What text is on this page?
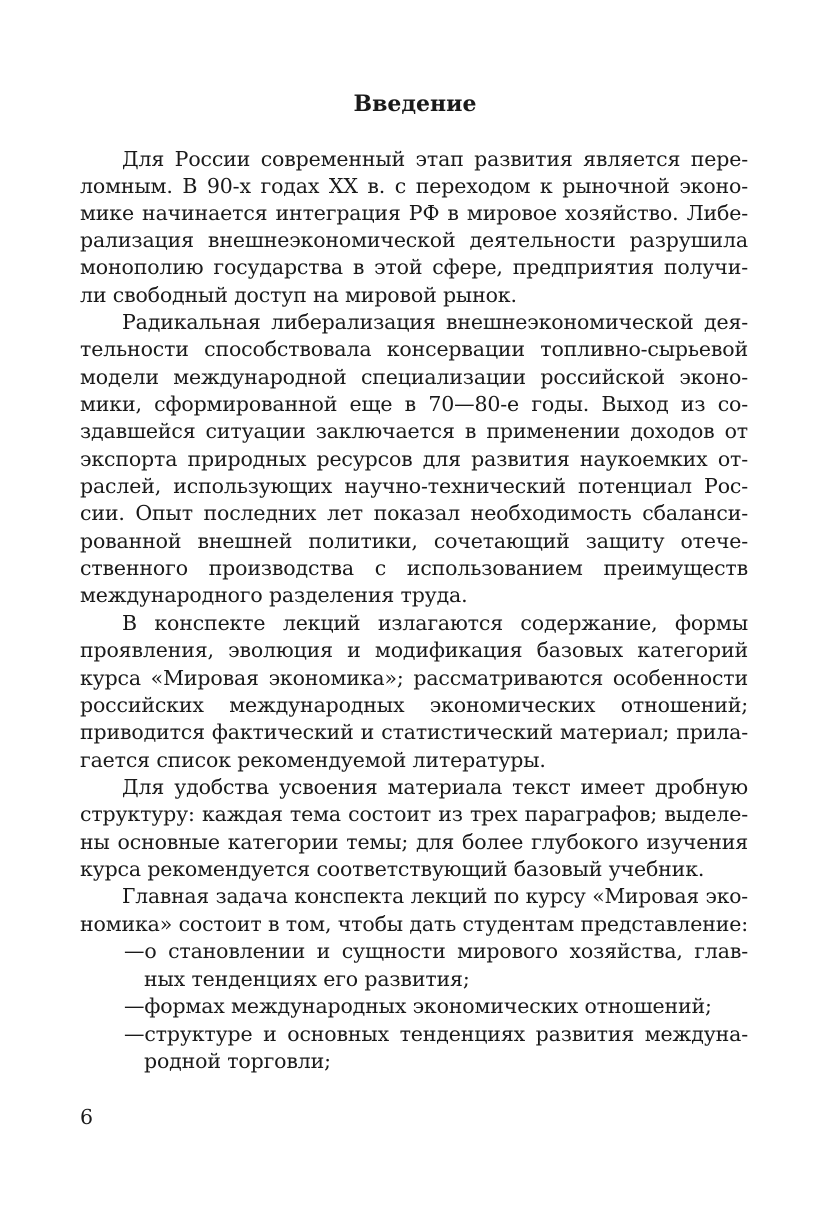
Введение
Для России современный этап развития является пере-
ломным. В 90-х годах XX в. с переходом к рыночной эконо-
мике начинается интеграция РФ в мировое хозяйство. Либе-
рализация внешнеэкономической деятельности разрушила
монополию государства в этой сфере, предприятия получи-
ли свободный доступ на мировой рынок.
Радикальная либерализация внешнеэкономической дея-
тельности способствовала консервации топливно-сырьевой
модели международной специализации российской эконо-
мики, сформированной еще в 70—80-е годы. Выход из со-
здавшейся ситуации заключается в применении доходов от
экспорта природных ресурсов для развития наукоемких от-
раслей, использующих научно-технический потенциал Рос-
сии. Опыт последних лет показал необходимость сбаланси-
рованной внешней политики, сочетающий защиту отече-
ственного производства с использованием преимуществ
международного разделения труда.
В конспекте лекций излагаются содержание, формы
проявления, эволюция и модификация базовых категорий
курса «Мировая экономика»; рассматриваются особенности
российских международных экономических отношений;
приводится фактический и статистический материал; прила-
гается список рекомендуемой литературы.
Для удобства усвоения материала текст имеет дробную
структуру: каждая тема состоит из трех параграфов; выделе-
ны основные категории темы; для более глубокого изучения
курса рекомендуется соответствующий базовый учебник.
Главная задача конспекта лекций по курсу «Мировая эко-
номика» состоит в том, чтобы дать студентам представление:
—о становлении и сущности мирового хозяйства, глав-
ных тенденциях его развития;
—формах международных экономических отношений;
—структуре и основных тенденциях развития междуна-
родной торговли;
6
